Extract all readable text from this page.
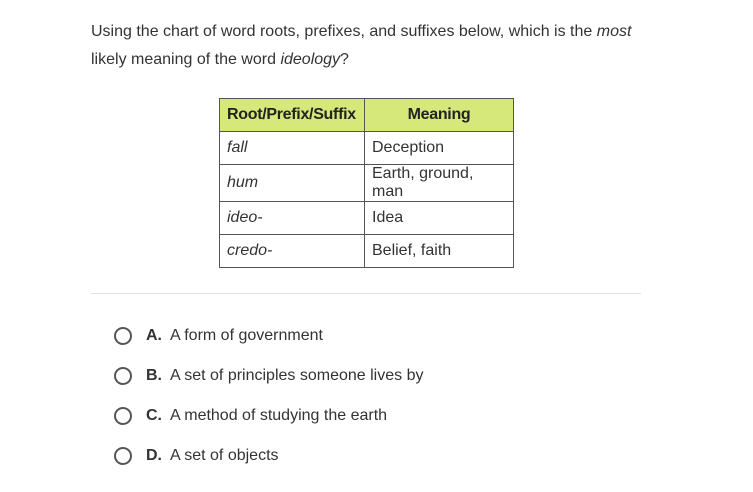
Using the chart of word roots, prefixes, and suffixes below, which is the most likely meaning of the word ideology?
Root/Prefix/Suffix	Meaning
fall	Deception
hum	Earth, ground, man
ideo-	Idea
credo-	Belief, faith
A. A form of government
B. A set of principles someone lives by
C. A method of studying the earth
D. A set of objects
